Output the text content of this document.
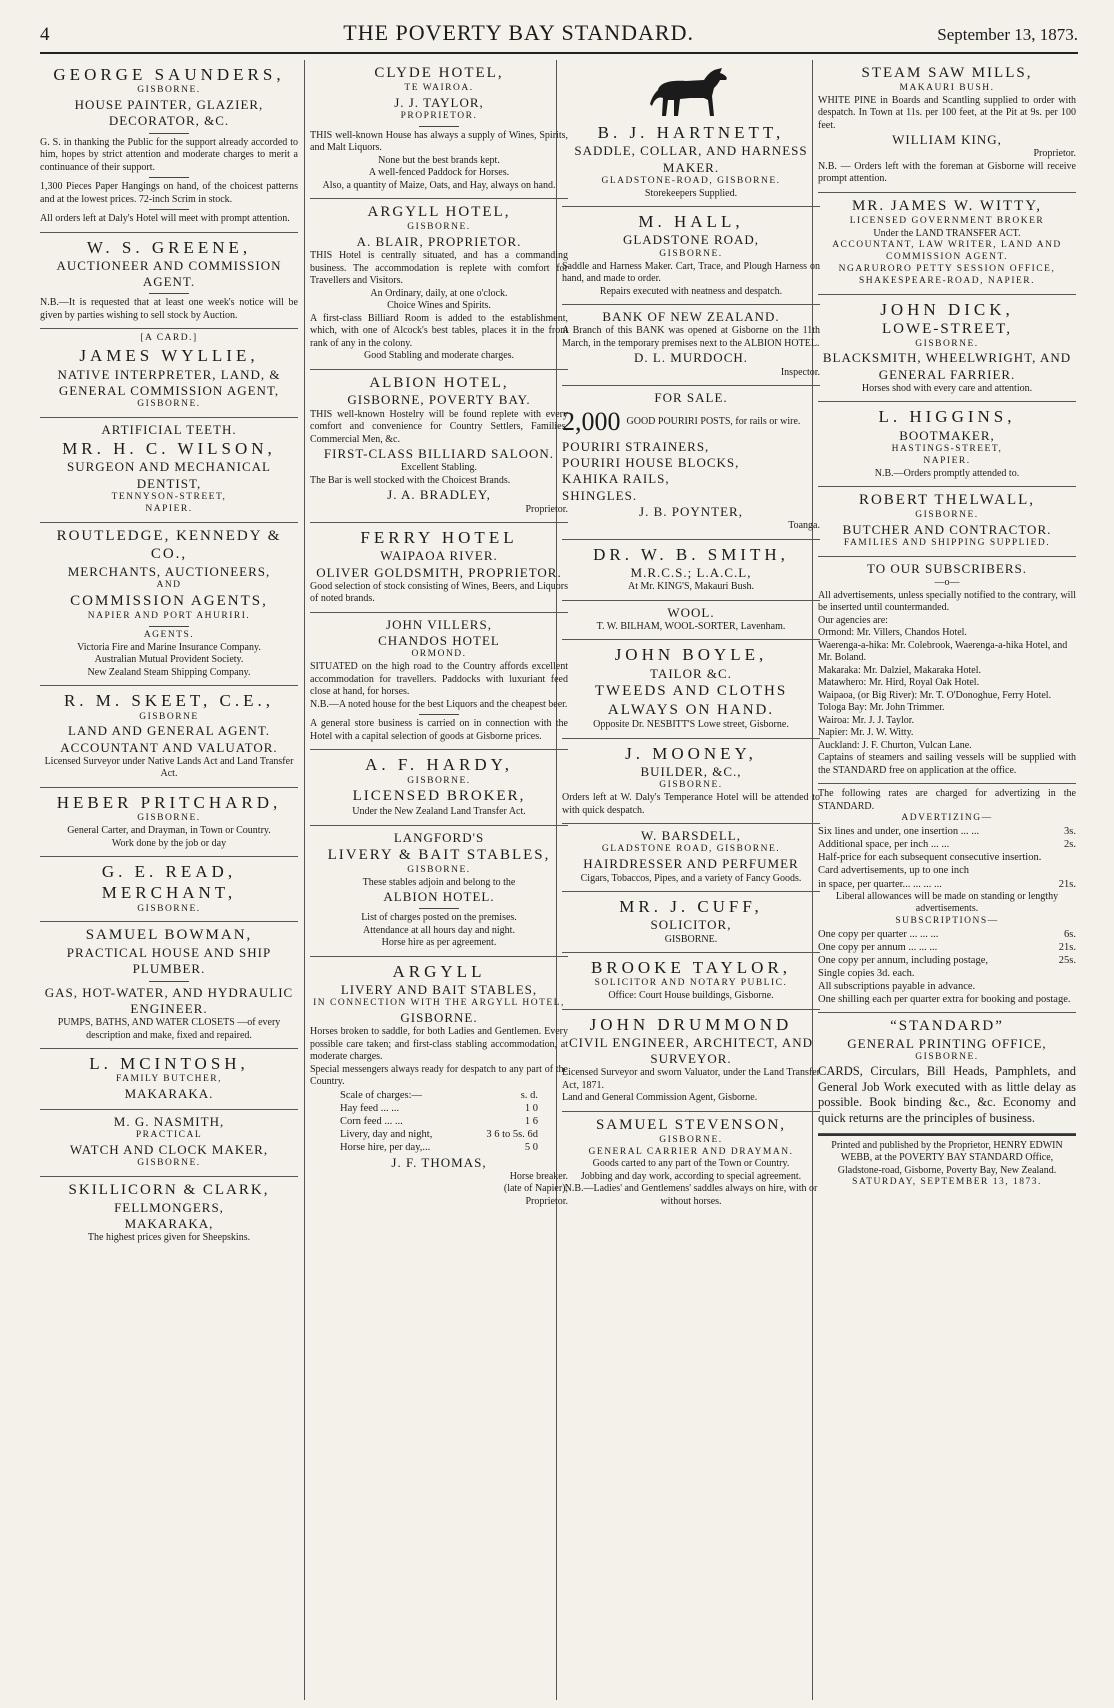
4	THE POVERTY BAY STANDARD.	September 13, 1873.
GEORGE SAUNDERS,
GISBORNE.
HOUSE PAINTER, GLAZIER, DECORATOR, &C.
G. S. in thanking the Public for the support already accorded to him, hopes by strict attention and moderate charges to merit a continuance of their support.
1,300 Pieces Paper Hangings on hand, of the choicest patterns and at the lowest prices. 72-inch Scrim in stock.
All orders left at Daly's Hotel will meet with prompt attention.
W. S. GREENE,
AUCTIONEER AND COMMISSION AGENT.
N.B.—It is requested that at least one week's notice will be given by parties wishing to sell stock by Auction.
[A CARD.]
JAMES WYLLIE,
NATIVE INTERPRETER, LAND, & GENERAL COMMISSION AGENT,
GISBORNE.
ARTIFICIAL TEETH.
MR. H. C. WILSON,
SURGEON AND MECHANICAL DENTIST,
TENNYSON-STREET,
NAPIER.
ROUTLEDGE, KENNEDY & CO.,
MERCHANTS, AUCTIONEERS,
AND
COMMISSION AGENTS,
NAPIER AND PORT AHURIRI.
AGENTS.
Victoria Fire and Marine Insurance Company.
Australian Mutual Provident Society.
New Zealand Steam Shipping Company.
R. M. SKEET, C.E.,
GISBORNE
LAND AND GENERAL AGENT.
ACCOUNTANT AND VALUATOR.
Licensed Surveyor under Native Lands Act and Land Transfer Act.
HEBER PRITCHARD,
GISBORNE.
General Carter, and Drayman, in Town or Country.
Work done by the job or day
G. E. READ,
MERCHANT,
GISBORNE.
SAMUEL BOWMAN,
PRACTICAL HOUSE AND SHIP PLUMBER.
GAS, HOT-WATER, AND HYDRAULIC ENGINEER.
PUMPS, BATHS, AND WATER CLOSETS —of every description and make, fixed and repaired.
L. MCINTOSH,
FAMILY BUTCHER,
MAKARAKA.
M. G. NASMITH,
PRACTICAL
WATCH AND CLOCK MAKER,
GISBORNE.
SKILLICORN & CLARK,
FELLMONGERS,
MAKARAKA,
The highest prices given for Sheepskins.
CLYDE HOTEL,
TE WAIROA.
J. J. TAYLOR,
PROPRIETOR.
THIS well-known House has always a supply of Wines, Spirits, and Malt Liquors.
None but the best brands kept.
A well-fenced Paddock for Horses.
Also, a quantity of Maize, Oats, and Hay, always on hand.
ARGYLL HOTEL,
GISBORNE.
A. BLAIR, PROPRIETOR.
THIS Hotel is centrally situated, and has a commanding business. The accommodation is replete with comfort for Travellers and Visitors.
An Ordinary, daily, at one o'clock.
Choice Wines and Spirits.
A first-class Billiard Room is added to the establishment, which, with one of Alcock's best tables, places it in the front rank of any in the colony.
Good Stabling and moderate charges.
ALBION HOTEL,
GISBORNE, POVERTY BAY.
THIS well-known Hostelry will be found replete with every comfort and convenience for Country Settlers, Families, Commercial Men, &c.
FIRST-CLASS BILLIARD SALOON.
Excellent Stabling.
The Bar is well stocked with the Choicest Brands.
J. A. BRADLEY,
Proprietor.
FERRY HOTEL
WAIPAOA RIVER.
OLIVER GOLDSMITH, PROPRIETOR.
Good selection of stock consisting of Wines, Beers, and Liquors of noted brands.
JOHN VILLERS,
CHANDOS HOTEL
ORMOND.
SITUATED on the high road to the Country affords excellent accommodation for travellers. Paddocks with luxuriant feed close at hand, for horses.
N.B.—A noted house for the best Liquors and the cheapest beer.
A general store business is carried on in connection with the Hotel with a capital selection of goods at Gisborne prices.
A. F. HARDY,
GISBORNE.
LICENSED BROKER,
Under the New Zealand Land Transfer Act.
LANGFORD'S
LIVERY & BAIT STABLES,
GISBORNE.
These stables adjoin and belong to the
ALBION HOTEL.
List of charges posted on the premises.
Attendance at all hours day and night.
Horse hire as per agreement.
ARGYLL
LIVERY AND BAIT STABLES,
IN CONNECTION WITH THE ARGYLL HOTEL,
GISBORNE.
Horses broken to saddle, for both Ladies and Gentlemen. Every possible care taken; and first-class stabling accommodation, at moderate charges.
Special messengers always ready for despatch to any part of the Country.
Scale of charges:—	s. d.
Hay feed ... ...	1 0
Corn feed ... ...	1 6
Livery, day and night,	3 6 to 5s. 6d
Horse hire, per day,...	5 0
J. F. THOMAS,
Horse breaker.
(late of Napier),
Proprietor.
B. J. HARTNETT,
SADDLE, COLLAR, AND HARNESS MAKER.
GLADSTONE-ROAD, GISBORNE.
Storekeepers Supplied.
M. HALL,
GLADSTONE ROAD,
GISBORNE.
Saddle and Harness Maker. Cart, Trace, and Plough Harness on hand, and made to order.
Repairs executed with neatness and despatch.
BANK OF NEW ZEALAND.
A Branch of this BANK was opened at Gisborne on the 11th March, in the temporary premises next to the ALBION HOTEL.
D. L. MURDOCH.
Inspector.
FOR SALE.
2,000 GOOD POURIRI POSTS, for rails or wire.
POURIRI STRAINERS,
POURIRI HOUSE BLOCKS,
KAHIKA RAILS,
SHINGLES.
J. B. POYNTER,
Toanga.
DR. W. B. SMITH,
M.R.C.S.; L.A.C.L,
At Mr. KING'S, Makauri Bush.
WOOL.
T. W. BILHAM, WOOL-SORTER, Lavenham.
JOHN BOYLE,
TAILOR &C.
TWEEDS AND CLOTHS ALWAYS ON HAND.
Opposite Dr. NESBITT'S Lowe street, Gisborne.
J. MOONEY,
BUILDER, &C.,
GISBORNE.
Orders left at W. Daly's Temperance Hotel will be attended to with quick despatch.
W. BARSDELL,
GLADSTONE ROAD, GISBORNE.
HAIRDRESSER AND PERFUMER
Cigars, Tobaccos, Pipes, and a variety of Fancy Goods.
MR. J. CUFF,
SOLICITOR,
GISBORNE.
BROOKE TAYLOR,
SOLICITOR AND NOTARY PUBLIC.
Office: Court House buildings, Gisborne.
JOHN DRUMMOND
CIVIL ENGINEER, ARCHITECT, AND SURVEYOR.
Licensed Surveyor and sworn Valuator, under the Land Transfer Act, 1871.
Land and General Commission Agent, Gisborne.
SAMUEL STEVENSON,
GISBORNE.
GENERAL CARRIER AND DRAYMAN.
Goods carted to any part of the Town or Country.
Jobbing and day work, according to special agreement.
N.B.—Ladies' and Gentlemens' saddles always on hire, with or without horses.
STEAM SAW MILLS,
MAKAURI BUSH.
WHITE PINE in Boards and Scantling supplied to order with despatch. In Town at 11s. per 100 feet, at the Pit at 9s. per 100 feet.
WILLIAM KING,
Proprietor.
N.B. — Orders left with the foreman at Gisborne will receive prompt attention.
MR. JAMES W. WITTY,
LICENSED GOVERNMENT BROKER
Under the LAND TRANSFER ACT.
ACCOUNTANT, LAW WRITER, LAND AND COMMISSION AGENT.
NGARURORO PETTY SESSION OFFICE, SHAKESPEARE-ROAD, NAPIER.
JOHN DICK,
LOWE-STREET,
GISBORNE.
BLACKSMITH, WHEELWRIGHT, AND GENERAL FARRIER.
Horses shod with every care and attention.
L. HIGGINS,
BOOTMAKER,
HASTINGS-STREET,
NAPIER.
N.B.—Orders promptly attended to.
ROBERT THELWALL,
GISBORNE.
BUTCHER AND CONTRACTOR.
FAMILIES AND SHIPPING SUPPLIED.
TO OUR SUBSCRIBERS.
—o—
All advertisements, unless specially notified to the contrary, will be inserted until countermanded.
Our agencies are:
Ormond: Mr. Villers, Chandos Hotel.
Waerenga-a-hika: Mr. Colebrook, Waerenga-a-hika Hotel, and Mr. Boland.
Makaraka: Mr. Dalziel, Makaraka Hotel.
Matawhero: Mr. Hird, Royal Oak Hotel.
Waipaoa, (or Big River): Mr. T. O'Donoghue, Ferry Hotel.
Tologa Bay: Mr. John Trimmer.
Wairoa: Mr. J. J. Taylor.
Napier: Mr. J. W. Witty.
Auckland: J. F. Churton, Vulcan Lane.
Captains of steamers and sailing vessels will be supplied with the STANDARD free on application at the office.
The following rates are charged for advertizing in the STANDARD.
ADVERTIZING—
Six lines and under, one insertion ... ...	3s.
Additional space, per inch ... ...	2s.
Half-price for each subsequent consecutive insertion.
Card advertisements, up to one inch
in space, per quarter... ... ... ...	21s.
Liberal allowances will be made on standing or lengthy advertisements.
SUBSCRIPTIONS—
One copy per quarter ... ... ...	6s.
One copy per annum ... ... ...	21s.
One copy per annum, including postage,	25s.
Single copies 3d. each.
All subscriptions payable in advance.
One shilling each per quarter extra for booking and postage.
“STANDARD”
GENERAL PRINTING OFFICE,
GISBORNE.
CARDS, Circulars, Bill Heads, Pamphlets, and General Job Work executed with as little delay as possible. Book binding &c., &c. Economy and quick returns are the principles of business.
Printed and published by the Proprietor, HENRY EDWIN WEBB, at the POVERTY BAY STANDARD Office, Gladstone-road, Gisborne, Poverty Bay, New Zealand.
SATURDAY, SEPTEMBER 13, 1873.
